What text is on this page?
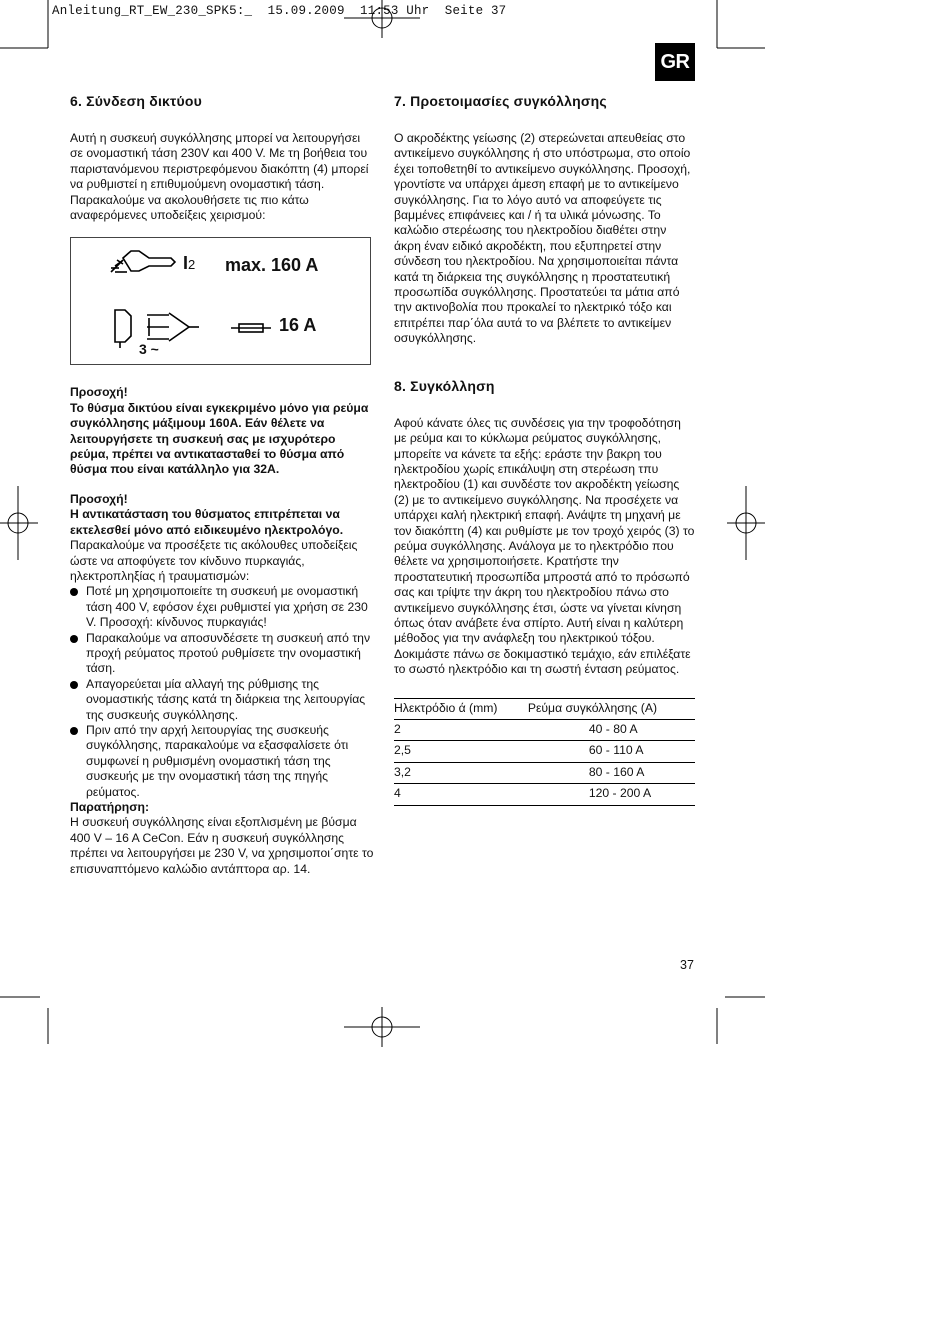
Anleitung_RT_EW_230_SPK5:_  15.09.2009  11:53 Uhr  Seite 37
GR
6. Σύνδεση δικτύου

Αυτή η συσκευή συγκόλλησης μπορεί να λειτουργήσει σε ονομαστική τάση 230V και 400 V. Με τη βοήθεια του παριστανόμενου περιστρεφόμενου διακόπτη (4) μπορεί να ρυθμιστεί η επιθυμούμενη ονομαστική τάση. Παρακαλούμε να ακολουθήσετε τις πιο κάτω αναφερόμενες υποδείξεις χειρισμού:

I2 max. 160 A
16 A
3 ~

Προσοχή!

Το θύσμα δικτύου είναι εγκεκριμένο μόνο για ρεύμα συγκόλλησης μάξιμουμ 160A. Εάν θέλετε να λειτουργήσετε τη συσκευή σας με ισχυρότερο ρεύμα, πρέπει να αντικατασταθεί το θύσμα από θύσμα που είναι κατάλληλο για 32A.

Προσοχή!

Η αντικατάσταση του θύσματος επιτρέπεται να εκτελεσθεί μόνο από ειδικευμένο ηλεκτρολόγο.

Παρακαλούμε να προσέξετε τις ακόλουθες υποδείξεις ώστε να αποφύγετε τον κίνδυνο πυρκαγιάς, ηλεκτροπληξίας ή τραυματισμών:

Ποτέ μη χρησιμοποιείτε τη συσκευή με ονομαστική τάση 400 V, εφόσον έχει ρυθμιστεί για χρήση σε 230 V. Προσοχή: κίνδυνος πυρκαγιάς!
Παρακαλούμε να αποσυνδέσετε τη συσκευή από την προχή ρεύματος προτού ρυθμίσετε την ονομαστική τάση.
Απαγορεύεται μία αλλαγή της ρύθμισης της ονομαστικής τάσης κατά τη διάρκεια της λειτουργίας της συσκευής συγκόλλησης.
Πριν από την αρχή λειτουργίας της συσκευής συγκόλλησης, παρακαλούμε να εξασφαλίσετε ότι συμφωνεί η ρυθμισμένη ονομαστική τάση της συσκευής με την ονομαστική τάση της πηγής ρεύματος.

Παρατήρηση:

Η συσκευή συγκόλλησης είναι εξοπλισμένη με βύσμα 400 V – 16 A CeCon. Εάν η συσκευή συγκόλλησης πρέπει να λειτουργήσει με 230 V, να χρησιμοποι΄σητε το επισυναπτόμενο καλώδιο αντάπτορα αρ. 14.

7. Προετοιμασίες συγκόλλησης

Ο ακροδέκτης γείωσης (2) στερεώνεται απευθείας στο αντικείμενο συγκόλλησης ή στο υπόστρωμα, στο οποίο έχει τοποθετηθί το αντικείμενο συγκόλλησης. Προσοχή, γροντίστε να υπάρχει άμεση επαφή με το αντικείμενο συγκόλλησης. Για το λόγο αυτό να αποφεύγετε τις βαμμένες επιφάνειες και / ή τα υλικά μόνωσης. Το καλώδιο στερέωσης του ηλεκτροδίου διαθέτει στην άκρη έναν ειδικό ακροδέκτη, που εξυπηρετεί στην σύνδεση του ηλεκτροδίου. Να χρησιμοποιείται πάντα κατά τη διάρκεια της συγκόλλησης η προστατευτική προσωπίδα συγκόλλησης. Προστατεύει τα μάτια από την ακτινοβολία που προκαλεί το ηλεκτρικό τόξο και επιτρέπει παρ΄όλα αυτά το να βλέπετε το αντικείμεν οσυγκόλλησης.

8. Συγκόλληση

Αφού κάνατε όλες τις συνδέσεις για την τροφοδότηση με ρεύμα και το κύκλωμα ρεύματος συγκόλλησης, μπορείτε να κάνετε τα εξής: εράστε την βακρη του ηλεκτροδίου χωρίς επικάλυψη στη στερέωση τπυ ηλεκτροδίου (1) και συνδέστε τον ακροδέκτη γείωσης (2) με το αντικείμενο συγκόλλησης. Να προσέχετε να υπάρχει καλή ηλεκτρική επαφή. Ανάψτε τη μηχανή με τον διακόπτη (4) και ρυθμίστε με τον τροχό χειρός (3) το ρεύμα συγκόλλησης. Ανάλογα με το ηλεκτρόδιο που θέλετε να χρησιμοποιήσετε. Κρατήστε την προστατευτική προσωπίδα μπροστά από το πρόσωπό σας και τρίψτε την άκρη του ηλεκτροδίου πάνω στο αντικείμενο συγκόλλησης έτσι, ώστε να γίνεται κίνηση όπως όταν ανάβετε ένα σπίρτο. Αυτή είναι η καλύτερη μέθοδος για την ανάφλεξη του ηλεκτρικού τόξου. Δοκιμάστε πάνω σε δοκιμαστικό τεμάχιο, εάν επιλέξατε το σωστό ηλεκτρόδιο και τη σωστή ένταση ρεύματος.

Ηλεκτρόδιο ά (mm)	Ρεύμα συγκόλλησης (A)
2	40 - 80 A
2,5	60 - 110 A
3,2	80 - 160 A
4	120 - 200 A
37
